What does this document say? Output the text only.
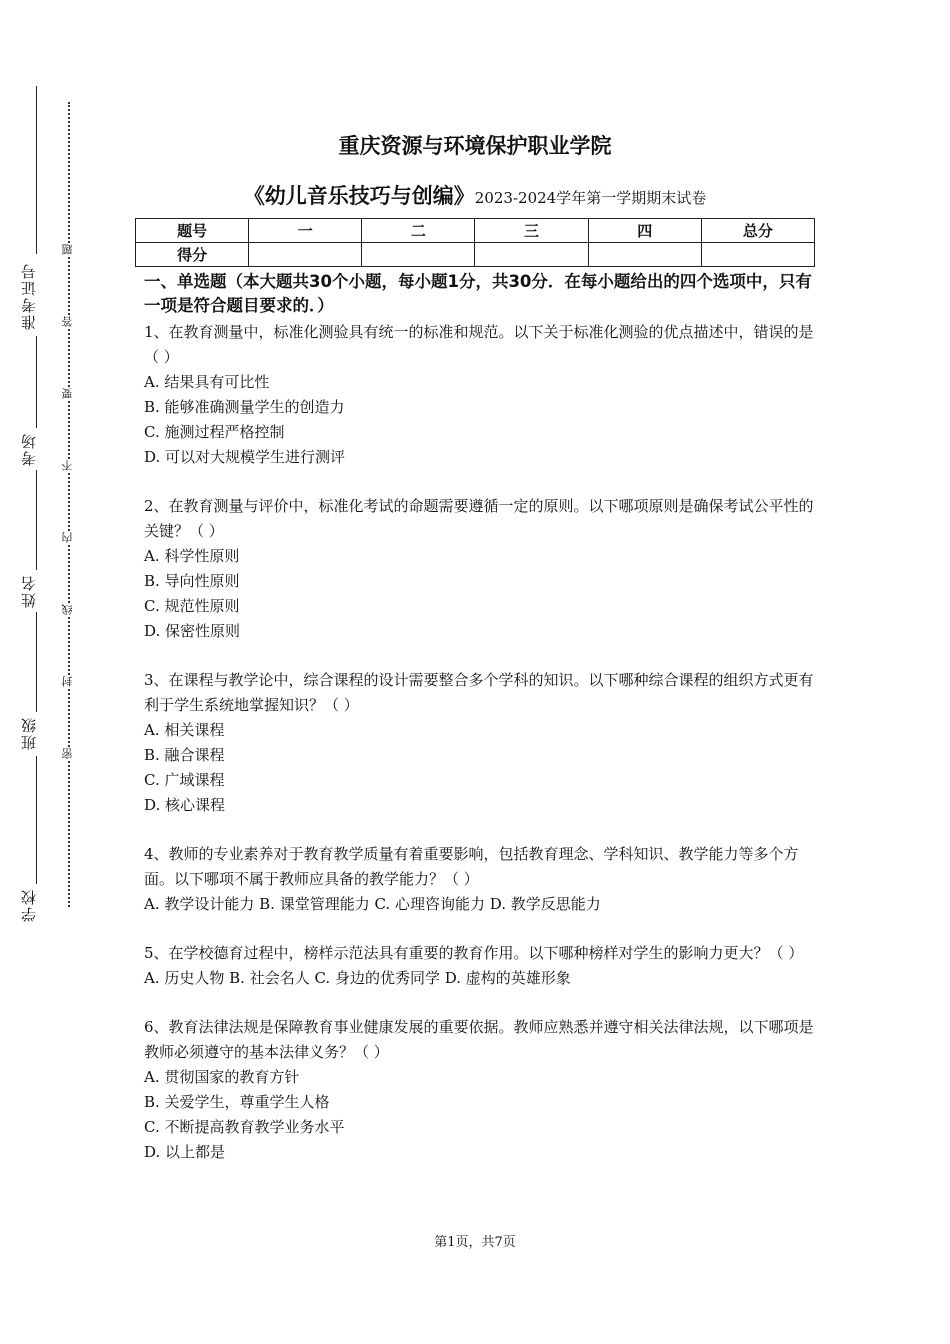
准考证号
考场
姓名
班级
学校
题
答
要
不
内
线
封
密
重庆资源与环境保护职业学院
《幼儿音乐技巧与创编》2023-2024学年第一学期期末试卷
题号	一	二	三	四	总分
得分					
一、单选题（本大题共30个小题，每小题1分，共30分．在每小题给出的四个选项中，只有一项是符合题目要求的．）

1、在教育测量中，标准化测验具有统一的标准和规范。以下关于标准化测验的优点描述中，错误的是（ ）

A. 结果具有可比性

B. 能够准确测量学生的创造力

C. 施测过程严格控制

D. 可以对大规模学生进行测评

2、在教育测量与评价中，标准化考试的命题需要遵循一定的原则。以下哪项原则是确保考试公平性的关键？（ ）

A. 科学性原则

B. 导向性原则

C. 规范性原则

D. 保密性原则

3、在课程与教学论中，综合课程的设计需要整合多个学科的知识。以下哪种综合课程的组织方式更有利于学生系统地掌握知识？（ ）

A. 相关课程

B. 融合课程

C. 广域课程

D. 核心课程

4、教师的专业素养对于教育教学质量有着重要影响，包括教育理念、学科知识、教学能力等多个方面。以下哪项不属于教师应具备的教学能力？（ ）

A. 教学设计能力 B. 课堂管理能力 C. 心理咨询能力 D. 教学反思能力

5、在学校德育过程中，榜样示范法具有重要的教育作用。以下哪种榜样对学生的影响力更大？（ ）

A. 历史人物 B. 社会名人 C. 身边的优秀同学 D. 虚构的英雄形象

6、教育法律法规是保障教育事业健康发展的重要依据。教师应熟悉并遵守相关法律法规，以下哪项是教师必须遵守的基本法律义务？（ ）

A. 贯彻国家的教育方针

B. 关爱学生，尊重学生人格

C. 不断提高教育教学业务水平

D. 以上都是

第1页，共7页
